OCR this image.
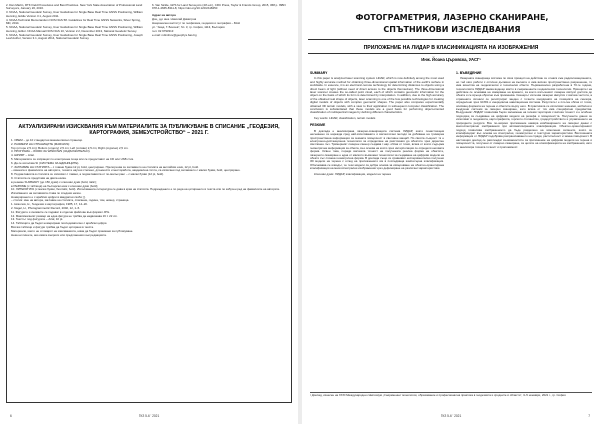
2. Dan Martin, RTK Field Procedures and Best Practices. New York State Association of Professional Land Surveyors, January 20, 2016.

3. NOAA, National Geodetic Survey, User Guidelines for Single Base Real Time GNSS Positioning, William Henning, Eddie Version 3.1, August 2011.

4. NOAA Technical Memorandum NOS NGS 58. Guidelines for Real Time GNSS Networks, Silver Spring, MD, 2014.

5. NOAA, National Geodetic Survey, User Guidelines for Single Base Real Time GNSS Positioning, William Henning, Editor. NOAA Manual NOS NGS 10, Version 2.2, December 2013, National Geodetic Survey.

6. NOAA, National Geodetic Survey, User Guidelines for Single Base Real Time GNSS Positioning, Joseph Leaf Author, Version 3.1, August 2014, National Geodetic Survey.

6. Van Sickle, GPS for Land Surveyors (4th ed.), CRC Press, Taylor & Francis Group, 2015, 368 p. ISBN 978-1-4665-8311-8, https://doi.org/10.1201/b18450

Адрес на автора

Доц. д-р инж. Николай Димитров

Национален институт по геофизика, геодезия и география – БАН

ул. "Акад. Г. Бончев", бл. 3, гр. София, 1113, България

тел: 02 9793313

e-mail: ndimitrov@geophys.bas.bg

АКТУАЛИЗИРАНИ ИЗИСКВАНИЯ КЪМ МАТЕРИАЛИТЕ ЗА ПУБЛИКУВАНЕ В СПИСАНИЕ „ГЕОДЕЗИЯ, КАРТОГРАФИЯ, ЗЕМЕУСТРОЙСТВО“ – 2021 Г.

1. ОБЕМ – до 10 стандартни машинописни страници.

2. РАЗМЕРИ НА СТРАНИЦИТЕ (MARGINS):

Top (отгоре 2,5 cm); Bottom (отдолу) 2,5 cm; Left (отляво) 2,5 cm; Right (отдясно) 2,5 cm.

3. ПРОГРАМА – WORD ЗА WINDOWS (ЗАДЪЛЖИТЕЛНО).

4. ШРИФТ – Arial.

5. Материалите се изпращат по електронна поща или се предоставят на CD или USB стик.

6. Да се използва SI (СИСТЕМА ЗА ЕДИНИЦИТЕ).

7. ЗАГЛАВИЕ НА СТАТИЯТА – с главни букви 12 pt, bold, центрирано. Препоръчва се заглавието на статията на английски език, 12 pt, bold.

– имената и фамилиите на авторите, техните научни степени, длъжности и месторабота, академична титла, са изписани под заглавието с малки букви, bold, центрирано.

8. Подзаглавията в статията се изписват с главни, а подзаглавията от по-малък ранг – с малки букви (12 pt, bold).

9. Статията се представя на двата езика.

● резюме SUMMARY (до 150 думи) с ключови думи (bold, italic);

● РЕЗЮМЕ (с таблица) на български език с ключови думи (bold);

10. ЛИТЕРАТУРА (с малки букви, без italic, bold). Използваната литература се дава в края на статията. Подреждането е по реда на цитирането в текста или по азбучен ред на фамилиите на авторите. Изписването на заглавията става по следния начин.

Номерирането е с арабски цифри в квадратни скоби [ ].

– статия: име на автора, заглавие на статията, списание, година, том, номер, страница.

1. Николов, Н., Геодезия и картография, 1985, 17, 14–20.

2. Nagel, H., Photogrammetric Record, 2002, 12, 1–5.

11. Фигурите и снимките се подават в отделни файлове във формат JPG.

12. Максималният размер на една фигура не трябва да надвишава 16 × 22 cm.

13. Текстът под фигурите – Arial, 10 pt.

14. Таблиците да бъдат номерирани последователно с арабски цифри.

Всички таблици и фигури трябва да бъдат цитирани в текста.

Материали, които не отговарят на изискванията, няма да бъдат приемани за публикуване.

Нека ни пишете, ако имате въпроси или предложения към редакцията.

6	ГКЗ 5-6 ' 2021
ФОТОГРАМЕТРИЯ, ЛАЗЕРНО СКАНИРАНЕ, СПЪТНИКОВИ ИЗСЛЕДВАНИЯ
ПРИЛОЖЕНИЕ НА ЛИДАР В КЛАСИФИКАЦИЯТА НА ИЗОБРАЖЕНИЯ
Инж. Йоана Църовска, УАСГ¹
SUMMARY

In this paper is analyzed laser scanning system LiDAR, which is now definitely among the most used and highly accurate method for obtaining three-dimensional spatial information of the earth's surface in worldwide. In essence, it is an electronic-remote technology for determining distances to objects using a direct beam of light (without need of direct access to the objects themselves). The three-dimensional laser scanner creates the so-called point cloud, each of which contains geometric information for the object on the basis of which its form is determined by interpolation. In addition, due to the high accuracy of the obtained real shape of objects, laser scanning is one of the few possible technologies for creating digital models of objects with complex geometric shapes. The paper also compares experimentally obtained 3D terrain models, with a view to their application in subsequent computer classification. The conclusion is substantiated that these models are a good basis for performing object-oriented classification of multispectral images by defining different characteristics.

Key words: LiDAR, classification, terrain models

РЕЗЮМЕ

В доклада е анализирана лазерно-сканиращата система ЛИДАР, която понастоящем несъмнено се нарежда сред най-използваните и високоточни методи за добиване на тримерна пространствена информация за земната повърхност в световен мащаб. По своята същност тя е електронно-дистанционна технология за определяне на разстояния до обектите чрез директен светлинен лъч. Тримерният лазерен скенер създава т.нар. облак от точки, всяка от които съдържа геометрична информация за обекта, въз основа на която чрез интерполация се определя неговата форма. Освен това, поради високата точност на получената реална форма на обектите, лазерното сканиране е една от малкото възможни технологии за създаване на цифрови модели на обекти със сложна геометрична форма. В доклада също се сравняват експериментално получени 3D модели на терена с оглед на приложението им в последваща компютърна класификация. Обосновава се изводът, че тези модели са добра основа за извършване на обектно-ориентирана класификация на многоспектрални изображения чрез дефиниране на различни характеристики.

Ключови думи: ЛИДАР, класификация, модели на терена

1. ВЪВЕДЕНИЕ

Лазерната сканираща система по своя принцип на действие се отнася към радиолокационните, но тъй като работи с оптични дължини на вълните и има високо пространствено разрешение, тя има качества на геодезически и технически обекти. Първоначално разработена в 70-те години, технологията ЛИДАР заема водещо място в съвременните геодезически технологии. Принципът на действие се основава на измерване на времето, за което излъченият лазерен импулс достига до обекта и се връща обратно към приемника. Скенерът излъчва лазерни импулси с висока честота, а отразените сигнали се регистрират заедно с точните координати на позицията на сензора, определени чрез GNSS и инерциална навигационна система. Резултатът е плътен облак от точки, описващ формата на терена и обектите върху него. В практиката се използват наземни, мобилни и въздушни системи за лазерно сканиране, като всяка от тях има специфични предимства. Въздушният ЛИДАР позволява бързо заснемане на големи територии с висока точност и е особено подходящ за създаване на цифрови модели на релефа и повърхността. Получените данни се използват в геодезията, картографията, горското стопанство, градоустройството и управлението на природните ресурси. Все по-широко приложение намира комбинирането на лазерни данни с многоспектрални изображения при автоматизираната класификация. Обектно-ориентираният подход позволява изображението да бъде разделено на хомогенни сегменти, които се класифицират въз основа на спектрални, геометрични и текстурни характеристики. Височинната информация от ЛИДАР подобрява разграничаването на сгради, растителност и земна повърхност. В настоящия доклад се разглеждат възможностите за приложение на цифрови модели на терена и повърхността, получени от лазерно сканиране, за целите на класификацията на изображения, като се анализира тяхната точност и приложимост.

¹ Доклад, изнесен на XXXI Международен симпозиум „Съвременни технологии, образование и професионална практика в геодезията и сродните ѝ области“, 3–5 ноември, 2021 г., гр. София
7
ГКЗ 5-6 ' 2021
